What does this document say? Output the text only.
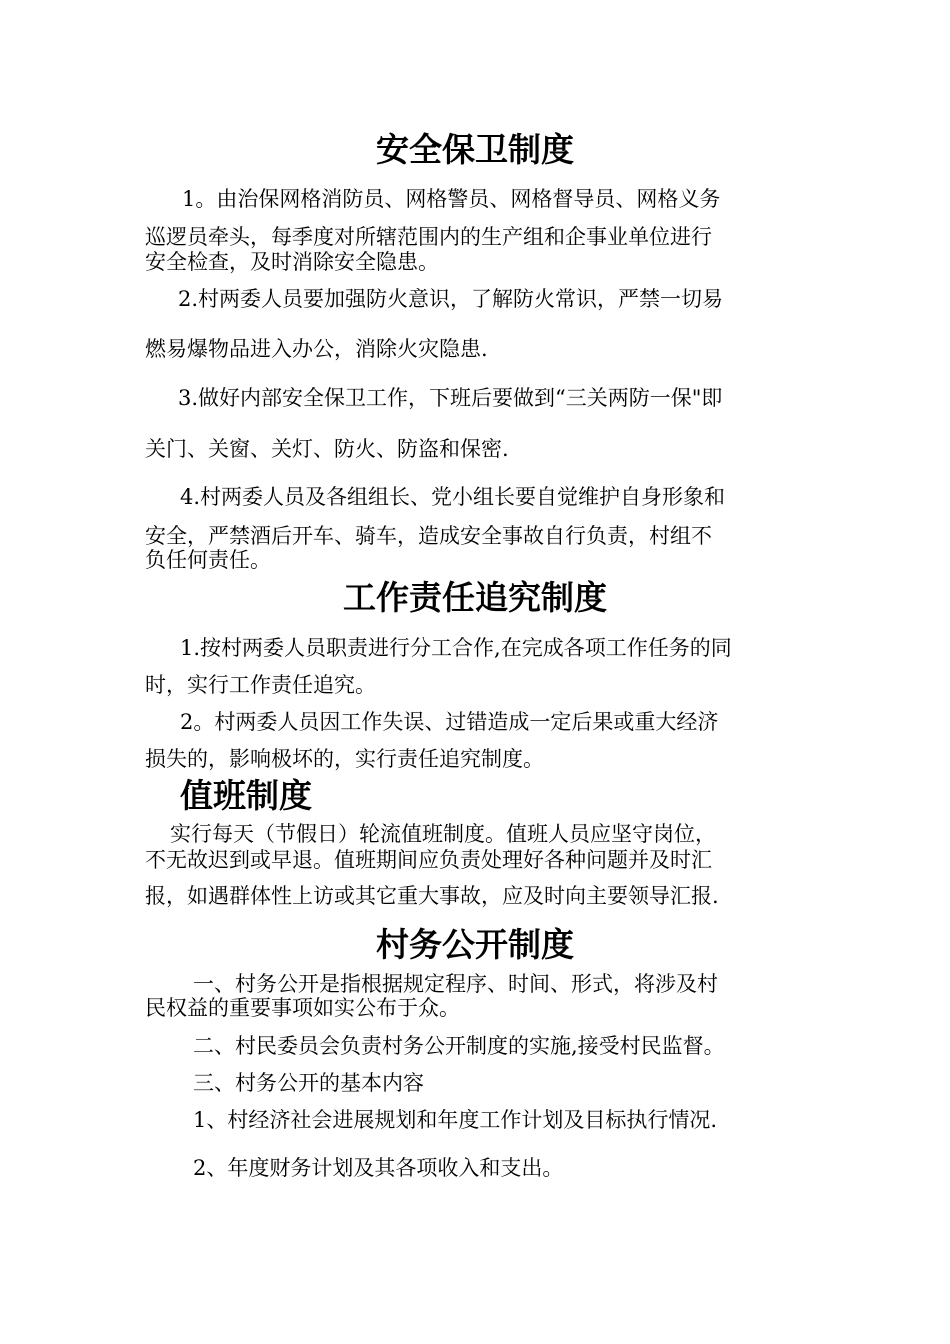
安全保卫制度

1。由治保网格消防员、网格警员、网格督导员、网格义务

巡逻员牵头，每季度对所辖范围内的生产组和企事业单位进行

安全检查，及时消除安全隐患。

2.村两委人员要加强防火意识，了解防火常识，严禁一切易

燃易爆物品进入办公，消除火灾隐患.

3.做好内部安全保卫工作，下班后要做到“三关两防一保"即

关门、关窗、关灯、防火、防盗和保密.

4.村两委人员及各组组长、党小组长要自觉维护自身形象和

安全，严禁酒后开车、骑车，造成安全事故自行负责，村组不

负任何责任。

工作责任追究制度

1.按村两委人员职责进行分工合作,在完成各项工作任务的同

时，实行工作责任追究。

2。村两委人员因工作失误、过错造成一定后果或重大经济

损失的，影响极坏的，实行责任追究制度。

值班制度

实行每天（节假日）轮流值班制度。值班人员应坚守岗位，

不无故迟到或早退。值班期间应负责处理好各种问题并及时汇

报，如遇群体性上访或其它重大事故，应及时向主要领导汇报.

村务公开制度

一、村务公开是指根据规定程序、时间、形式，将涉及村

民权益的重要事项如实公布于众。

二、村民委员会负责村务公开制度的实施,接受村民监督。

三、村务公开的基本内容

1、村经济社会进展规划和年度工作计划及目标执行情况.

2、年度财务计划及其各项收入和支出。
